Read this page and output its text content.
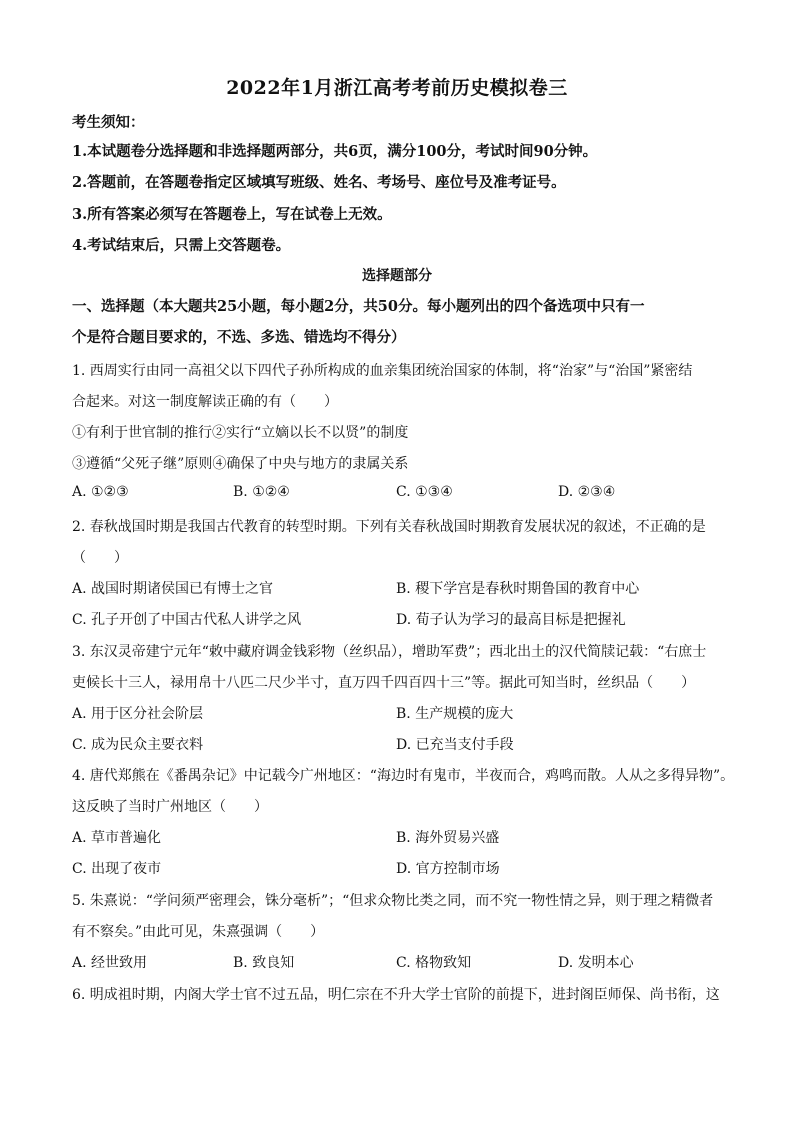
2022年1月浙江高考考前历史模拟卷三
考生须知：
1.本试题卷分选择题和非选择题两部分，共6页，满分100分，考试时间90分钟。
2.答题前，在答题卷指定区域填写班级、姓名、考场号、座位号及准考证号。
3.所有答案必须写在答题卷上，写在试卷上无效。
4.考试结束后，只需上交答题卷。
选择题部分
一、选择题（本大题共25小题，每小题2分，共50分。每小题列出的四个备选项中只有一
个是符合题目要求的，不选、多选、错选均不得分）
1. 西周实行由同一高祖父以下四代子孙所构成的血亲集团统治国家的体制，将“治家”与“治国”紧密结
合起来。对这一制度解读正确的有（　　）
①有利于世官制的推行②实行“立嫡以长不以贤”的制度
③遵循“父死子继”原则④确保了中央与地方的隶属关系
A. ①②③	B. ①②④	C. ①③④	D. ②③④
2. 春秋战国时期是我国古代教育的转型时期。下列有关春秋战国时期教育发展状况的叙述，不正确的是
（　　）
A. 战国时期诸侯国已有博士之官	B. 稷下学宫是春秋时期鲁国的教育中心
C. 孔子开创了中国古代私人讲学之风	D. 荀子认为学习的最高目标是把握礼
3. 东汉灵帝建宁元年“敕中藏府调金钱彩物（丝织品），增助军费”；西北出土的汉代简牍记载：“右庶士
吏候长十三人，禄用帛十八匹二尺少半寸，直万四千四百四十三”等。据此可知当时，丝织品（　　）
A. 用于区分社会阶层	B. 生产规模的庞大
C. 成为民众主要衣料	D. 已充当支付手段
4. 唐代郑熊在《番禺杂记》中记载今广州地区：“海边时有鬼市，半夜而合，鸡鸣而散。人从之多得异物”。
这反映了当时广州地区（　　）
A. 草市普遍化	B. 海外贸易兴盛
C. 出现了夜市	D. 官方控制市场
5. 朱熹说：“学问须严密理会，铢分毫析”；“但求众物比类之同，而不究一物性情之异，则于理之精微者
有不察矣。”由此可见，朱熹强调（　　）
A. 经世致用	B. 致良知	C. 格物致知	D. 发明本心
6. 明成祖时期，内阁大学士官不过五品，明仁宗在不升大学士官阶的前提下，进封阁臣师保、尚书衔，这
